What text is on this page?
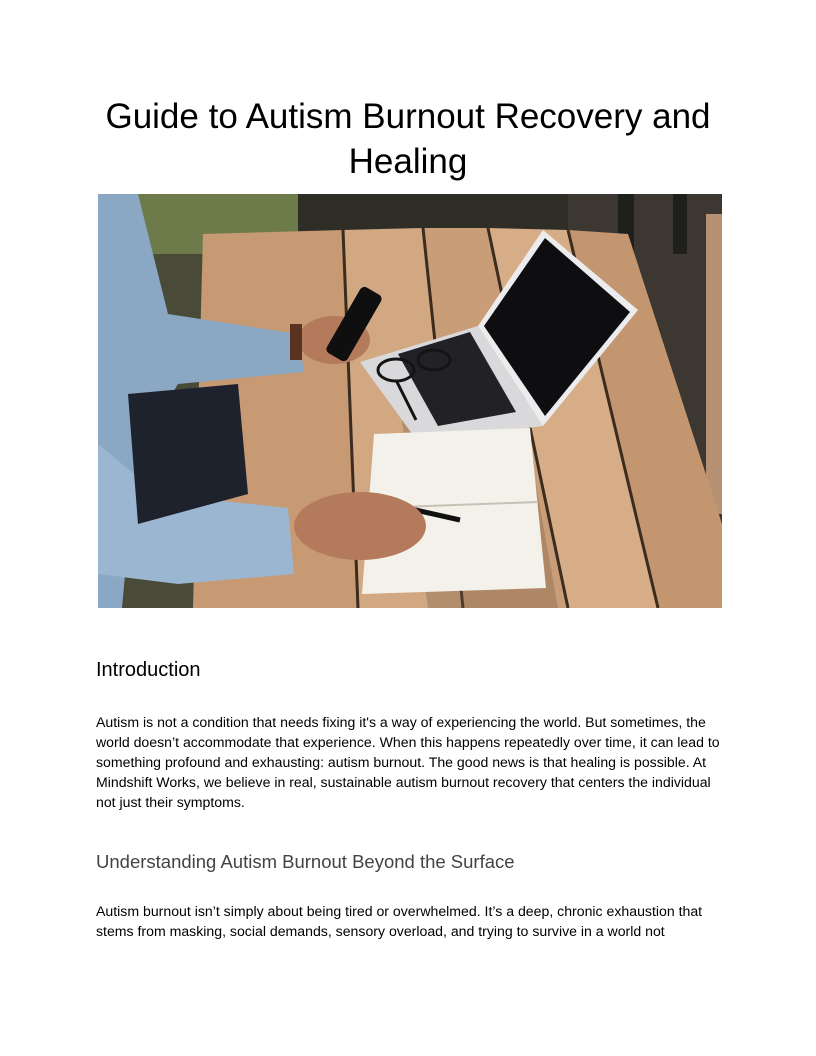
Guide to Autism Burnout Recovery and Healing
Introduction

Autism is not a condition that needs fixing it's a way of experiencing the world. But sometimes, the world doesn’t accommodate that experience. When this happens repeatedly over time, it can lead to something profound and exhausting: autism burnout. The good news is that healing is possible. At Mindshift Works, we believe in real, sustainable autism burnout recovery that centers the individual not just their symptoms.

Understanding Autism Burnout Beyond the Surface

Autism burnout isn’t simply about being tired or overwhelmed. It’s a deep, chronic exhaustion that stems from masking, social demands, sensory overload, and trying to survive in a world not
